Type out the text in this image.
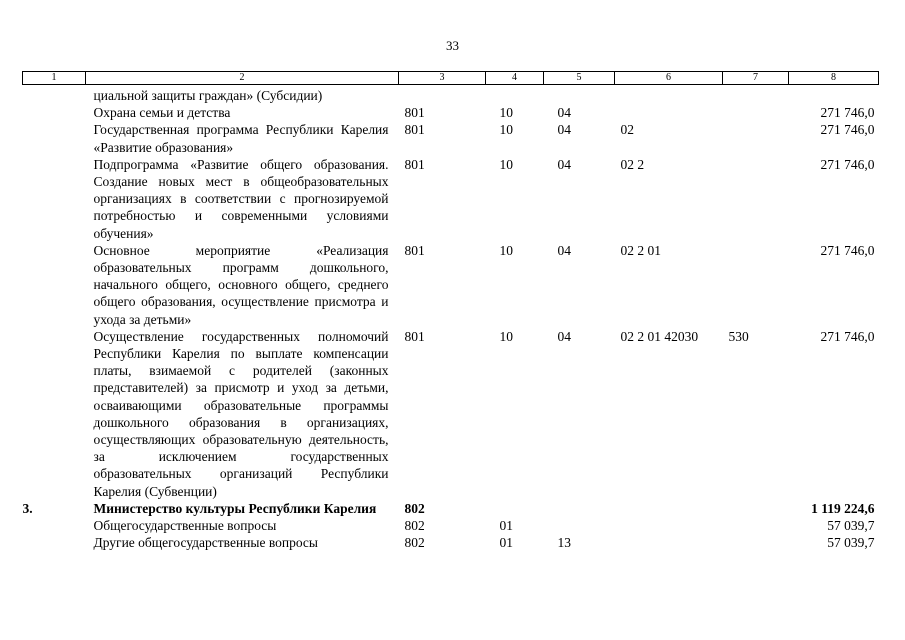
33
1	2	3	4	5	6	7	8
	циальной защиты граждан» (Субсидии)						
	Охрана семьи и детства	801	10	04			271 746,0
	Государственная программа Республики Карелия «Развитие образования»	801	10	04	02		271 746,0
	Подпрограмма «Развитие общего образования. Создание новых мест в общеобразовательных организациях в соответствии с прогнозируемой потребностью и современными условиями обучения»	801	10	04	02 2		271 746,0
	Основное мероприятие «Реализация образовательных программ дошкольного, начального общего, основного общего, среднего общего образования, осуществление присмотра и ухода за детьми»	801	10	04	02 2 01		271 746,0
	Осуществление государственных полномочий Республики Карелия по выплате компенсации платы, взимаемой с родителей (законных представителей) за присмотр и уход за детьми, осваивающими образовательные программы дошкольного образования в организациях, осуществляющих образовательную деятельность, за исключением государственных образовательных организаций Республики Карелия (Субвенции)	801	10	04	02 2 01 42030	530	271 746,0
3.	Министерство культуры Республики Карелия	802					1 119 224,6
	Общегосударственные вопросы	802	01				57 039,7
	Другие общегосударственные вопросы	802	01	13			57 039,7
